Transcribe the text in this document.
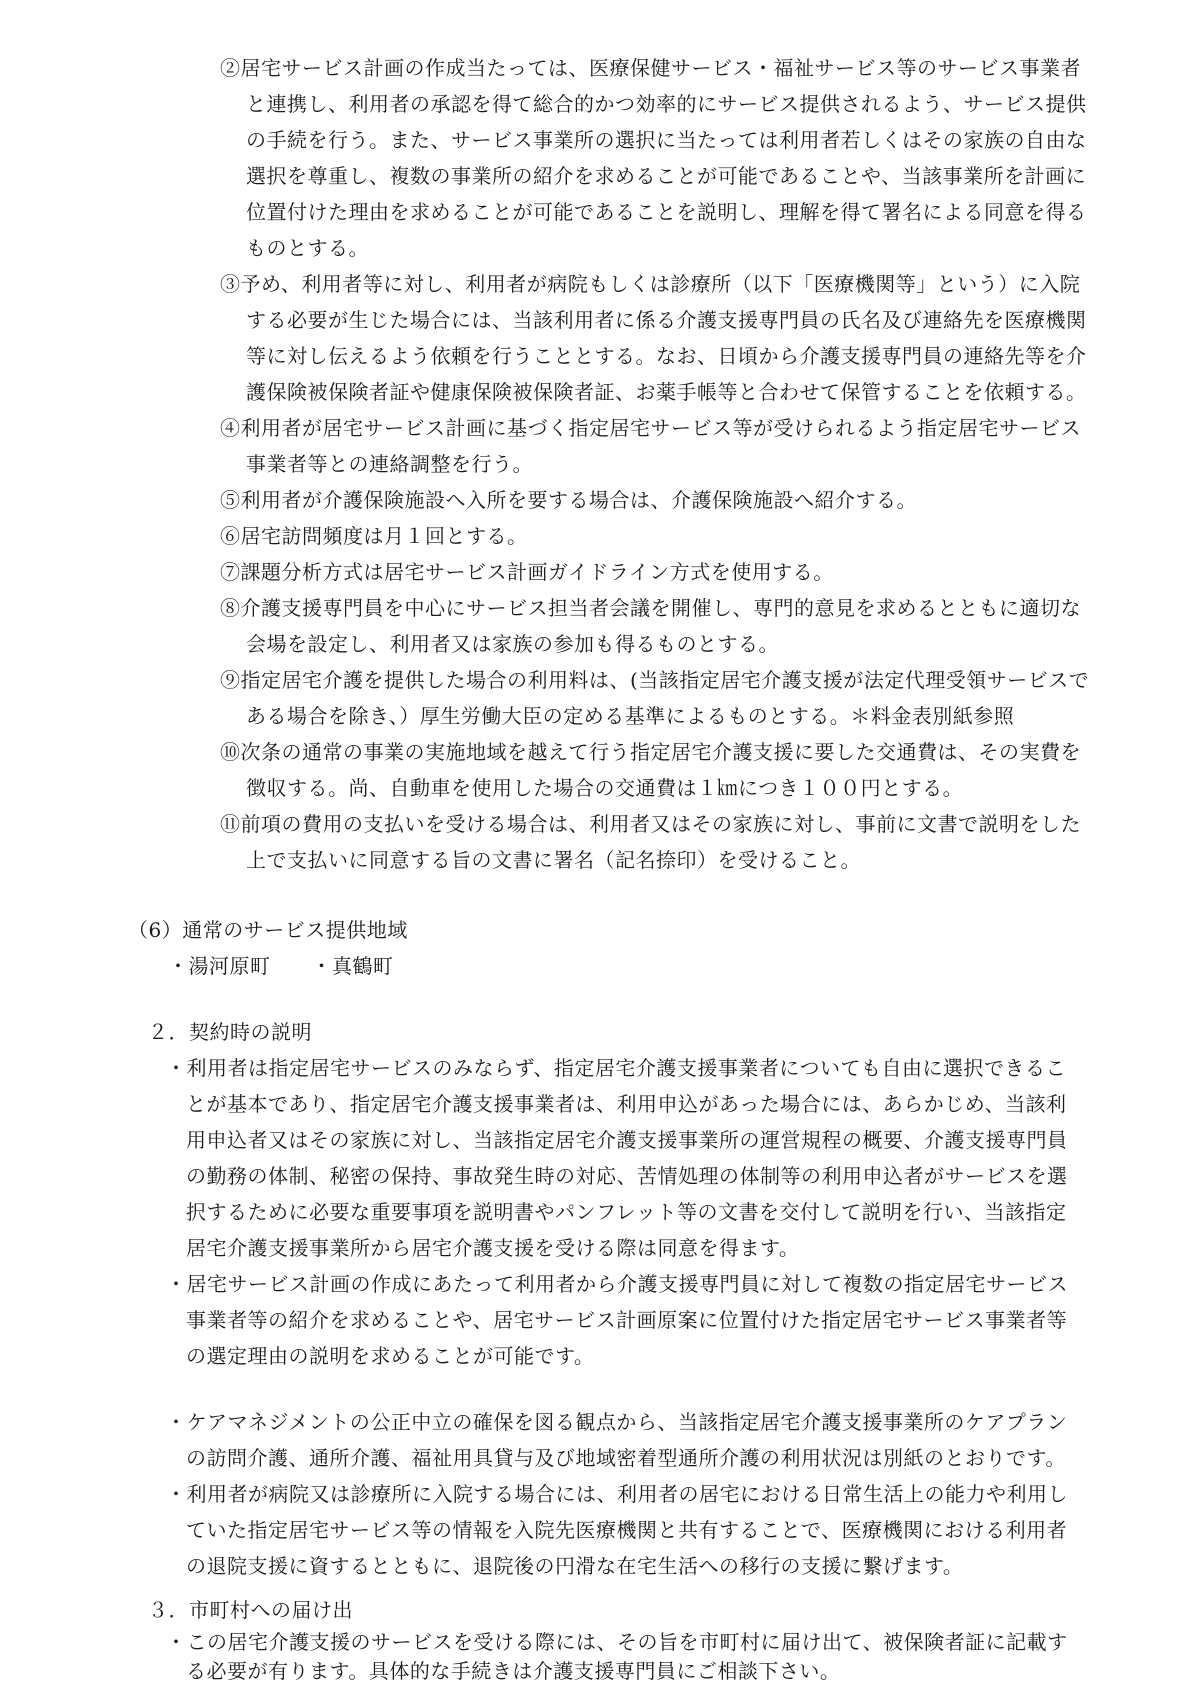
②居宅サービス計画の作成当たっては、医療保健サービス・福祉サービス等のサービス事業者
と連携し、利用者の承認を得て総合的かつ効率的にサービス提供されるよう、サービス提供
の手続を行う。また、サービス事業所の選択に当たっては利用者若しくはその家族の自由な
選択を尊重し、複数の事業所の紹介を求めることが可能であることや、当該事業所を計画に
位置付けた理由を求めることが可能であることを説明し、理解を得て署名による同意を得る
ものとする。
③予め、利用者等に対し、利用者が病院もしくは診療所（以下「医療機関等」という）に入院
する必要が生じた場合には、当該利用者に係る介護支援専門員の氏名及び連絡先を医療機関
等に対し伝えるよう依頼を行うこととする。なお、日頃から介護支援専門員の連絡先等を介
護保険被保険者証や健康保険被保険者証、お薬手帳等と合わせて保管することを依頼する。
④利用者が居宅サービス計画に基づく指定居宅サービス等が受けられるよう指定居宅サービス
事業者等との連絡調整を行う。
⑤利用者が介護保険施設へ入所を要する場合は、介護保険施設へ紹介する。
⑥居宅訪問頻度は月１回とする。
⑦課題分析方式は居宅サービス計画ガイドライン方式を使用する。
⑧介護支援専門員を中心にサービス担当者会議を開催し、専門的意見を求めるとともに適切な
会場を設定し、利用者又は家族の参加も得るものとする。
⑨指定居宅介護を提供した場合の利用料は、(当該指定居宅介護支援が法定代理受領サービスで
ある場合を除き、）厚生労働大臣の定める基準によるものとする。＊料金表別紙参照
⑩次条の通常の事業の実施地域を越えて行う指定居宅介護支援に要した交通費は、その実費を
徴収する。尚、自動車を使用した場合の交通費は１㎞につき１００円とする。
⑪前項の費用の支払いを受ける場合は、利用者又はその家族に対し、事前に文書で説明をした
上で支払いに同意する旨の文書に署名（記名捺印）を受けること。
（6）通常のサービス提供地域
・湯河原町　　・真鶴町
２．契約時の説明
・利用者は指定居宅サービスのみならず、指定居宅介護支援事業者についても自由に選択できるこ
とが基本であり、指定居宅介護支援事業者は、利用申込があった場合には、あらかじめ、当該利
用申込者又はその家族に対し、当該指定居宅介護支援事業所の運営規程の概要、介護支援専門員
の勤務の体制、秘密の保持、事故発生時の対応、苦情処理の体制等の利用申込者がサービスを選
択するために必要な重要事項を説明書やパンフレット等の文書を交付して説明を行い、当該指定
居宅介護支援事業所から居宅介護支援を受ける際は同意を得ます。
・居宅サービス計画の作成にあたって利用者から介護支援専門員に対して複数の指定居宅サービス
事業者等の紹介を求めることや、居宅サービス計画原案に位置付けた指定居宅サービス事業者等
の選定理由の説明を求めることが可能です。
・ケアマネジメントの公正中立の確保を図る観点から、当該指定居宅介護支援事業所のケアプラン
の訪問介護、通所介護、福祉用具貸与及び地域密着型通所介護の利用状況は別紙のとおりです。
・利用者が病院又は診療所に入院する場合には、利用者の居宅における日常生活上の能力や利用し
ていた指定居宅サービス等の情報を入院先医療機関と共有することで、医療機関における利用者
の退院支援に資するとともに、退院後の円滑な在宅生活への移行の支援に繋げます。
３．市町村への届け出
・この居宅介護支援のサービスを受ける際には、その旨を市町村に届け出て、被保険者証に記載す
る必要が有ります。具体的な手続きは介護支援専門員にご相談下さい。
